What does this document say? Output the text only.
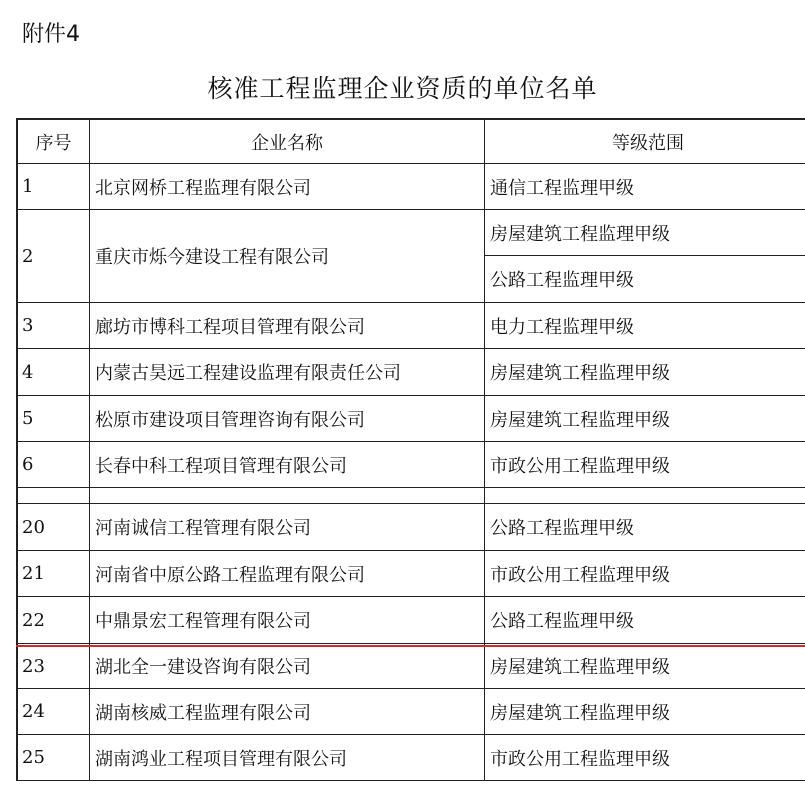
附件4
核准工程监理企业资质的单位名单
序号	企业名称	等级范围
1	北京网桥工程监理有限公司	通信工程监理甲级
2	重庆市烁今建设工程有限公司
房屋建筑工程监理甲级
公路工程监理甲级
3	廊坊市博科工程项目管理有限公司	电力工程监理甲级
4	内蒙古昊远工程建设监理有限责任公司	房屋建筑工程监理甲级
5	松原市建设项目管理咨询有限公司	房屋建筑工程监理甲级
6	长春中科工程项目管理有限公司	市政公用工程监理甲级
20	河南诚信工程管理有限公司	公路工程监理甲级
21	河南省中原公路工程监理有限公司	市政公用工程监理甲级
22	中鼎景宏工程管理有限公司	公路工程监理甲级
23	湖北全一建设咨询有限公司	房屋建筑工程监理甲级
24	湖南核威工程监理有限公司	房屋建筑工程监理甲级
25	湖南鸿业工程项目管理有限公司	市政公用工程监理甲级
